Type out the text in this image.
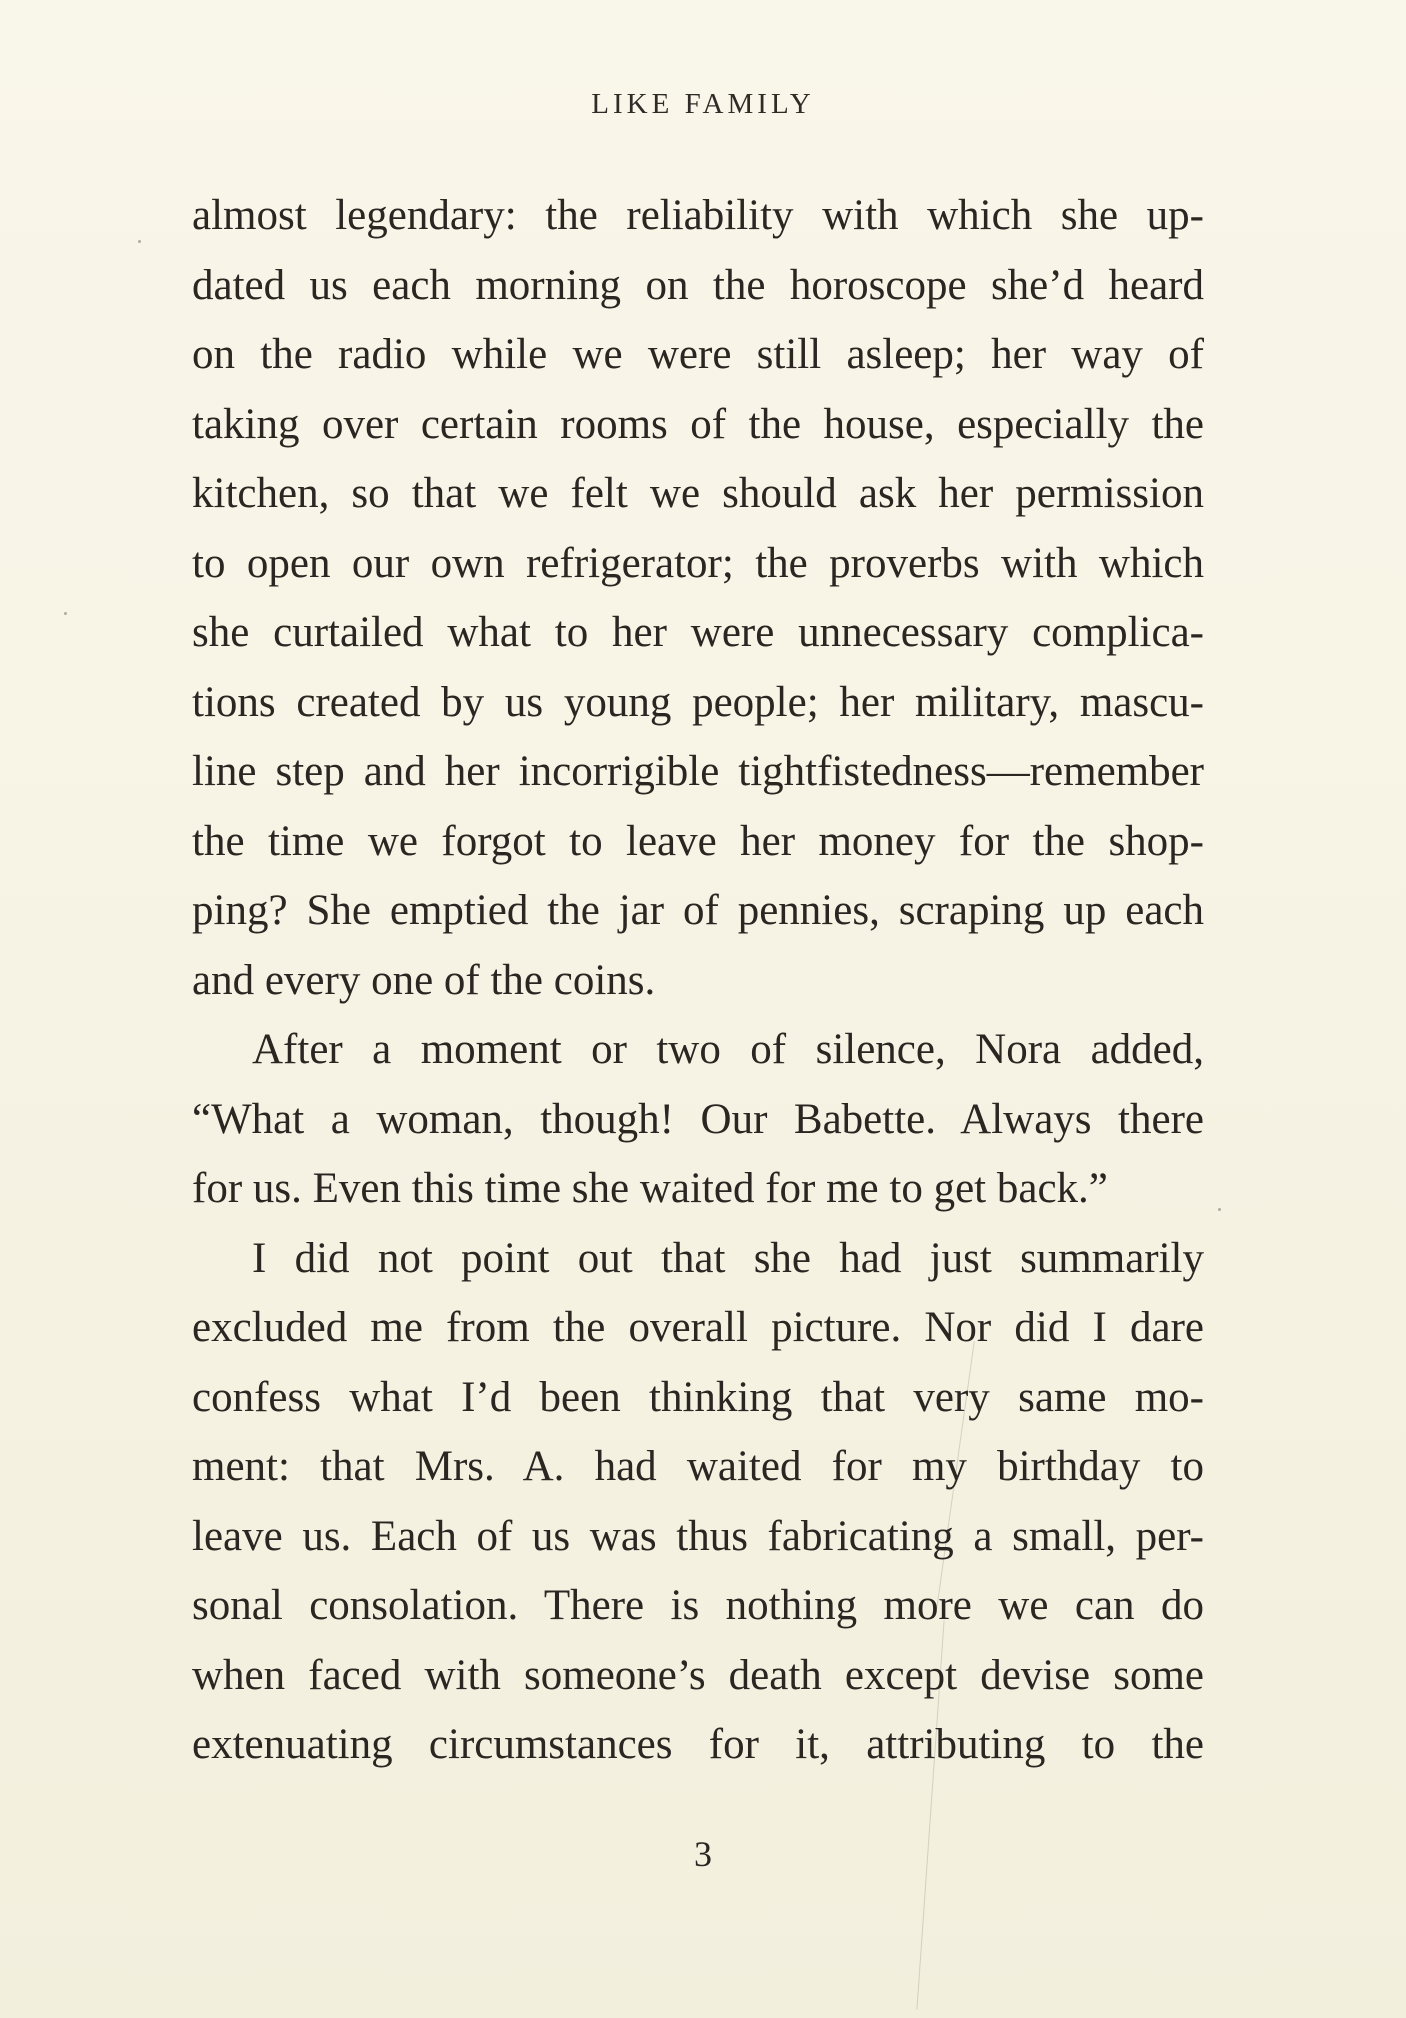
LIKE FAMILY

almost legendary: the reliability with which she up-
dated us each morning on the horoscope she’d heard
on the radio while we were still asleep; her way of
taking over certain rooms of the house, especially the
kitchen, so that we felt we should ask her permission
to open our own refrigerator; the proverbs with which
she curtailed what to her were unnecessary complica-
tions created by us young people; her military, mascu-
line step and her incorrigible tightfistedness—remember
the time we forgot to leave her money for the shop-
ping? She emptied the jar of pennies, scraping up each
and every one of the coins.

After a moment or two of silence, Nora added,
“What a woman, though! Our Babette. Always there
for us. Even this time she waited for me to get back.”

I did not point out that she had just summarily
excluded me from the overall picture. Nor did I dare
confess what I’d been thinking that very same mo-
ment: that Mrs. A. had waited for my birthday to
leave us. Each of us was thus fabricating a small, per-
sonal consolation. There is nothing more we can do
when faced with someone’s death except devise some
extenuating circumstances for it, attributing to the

3
